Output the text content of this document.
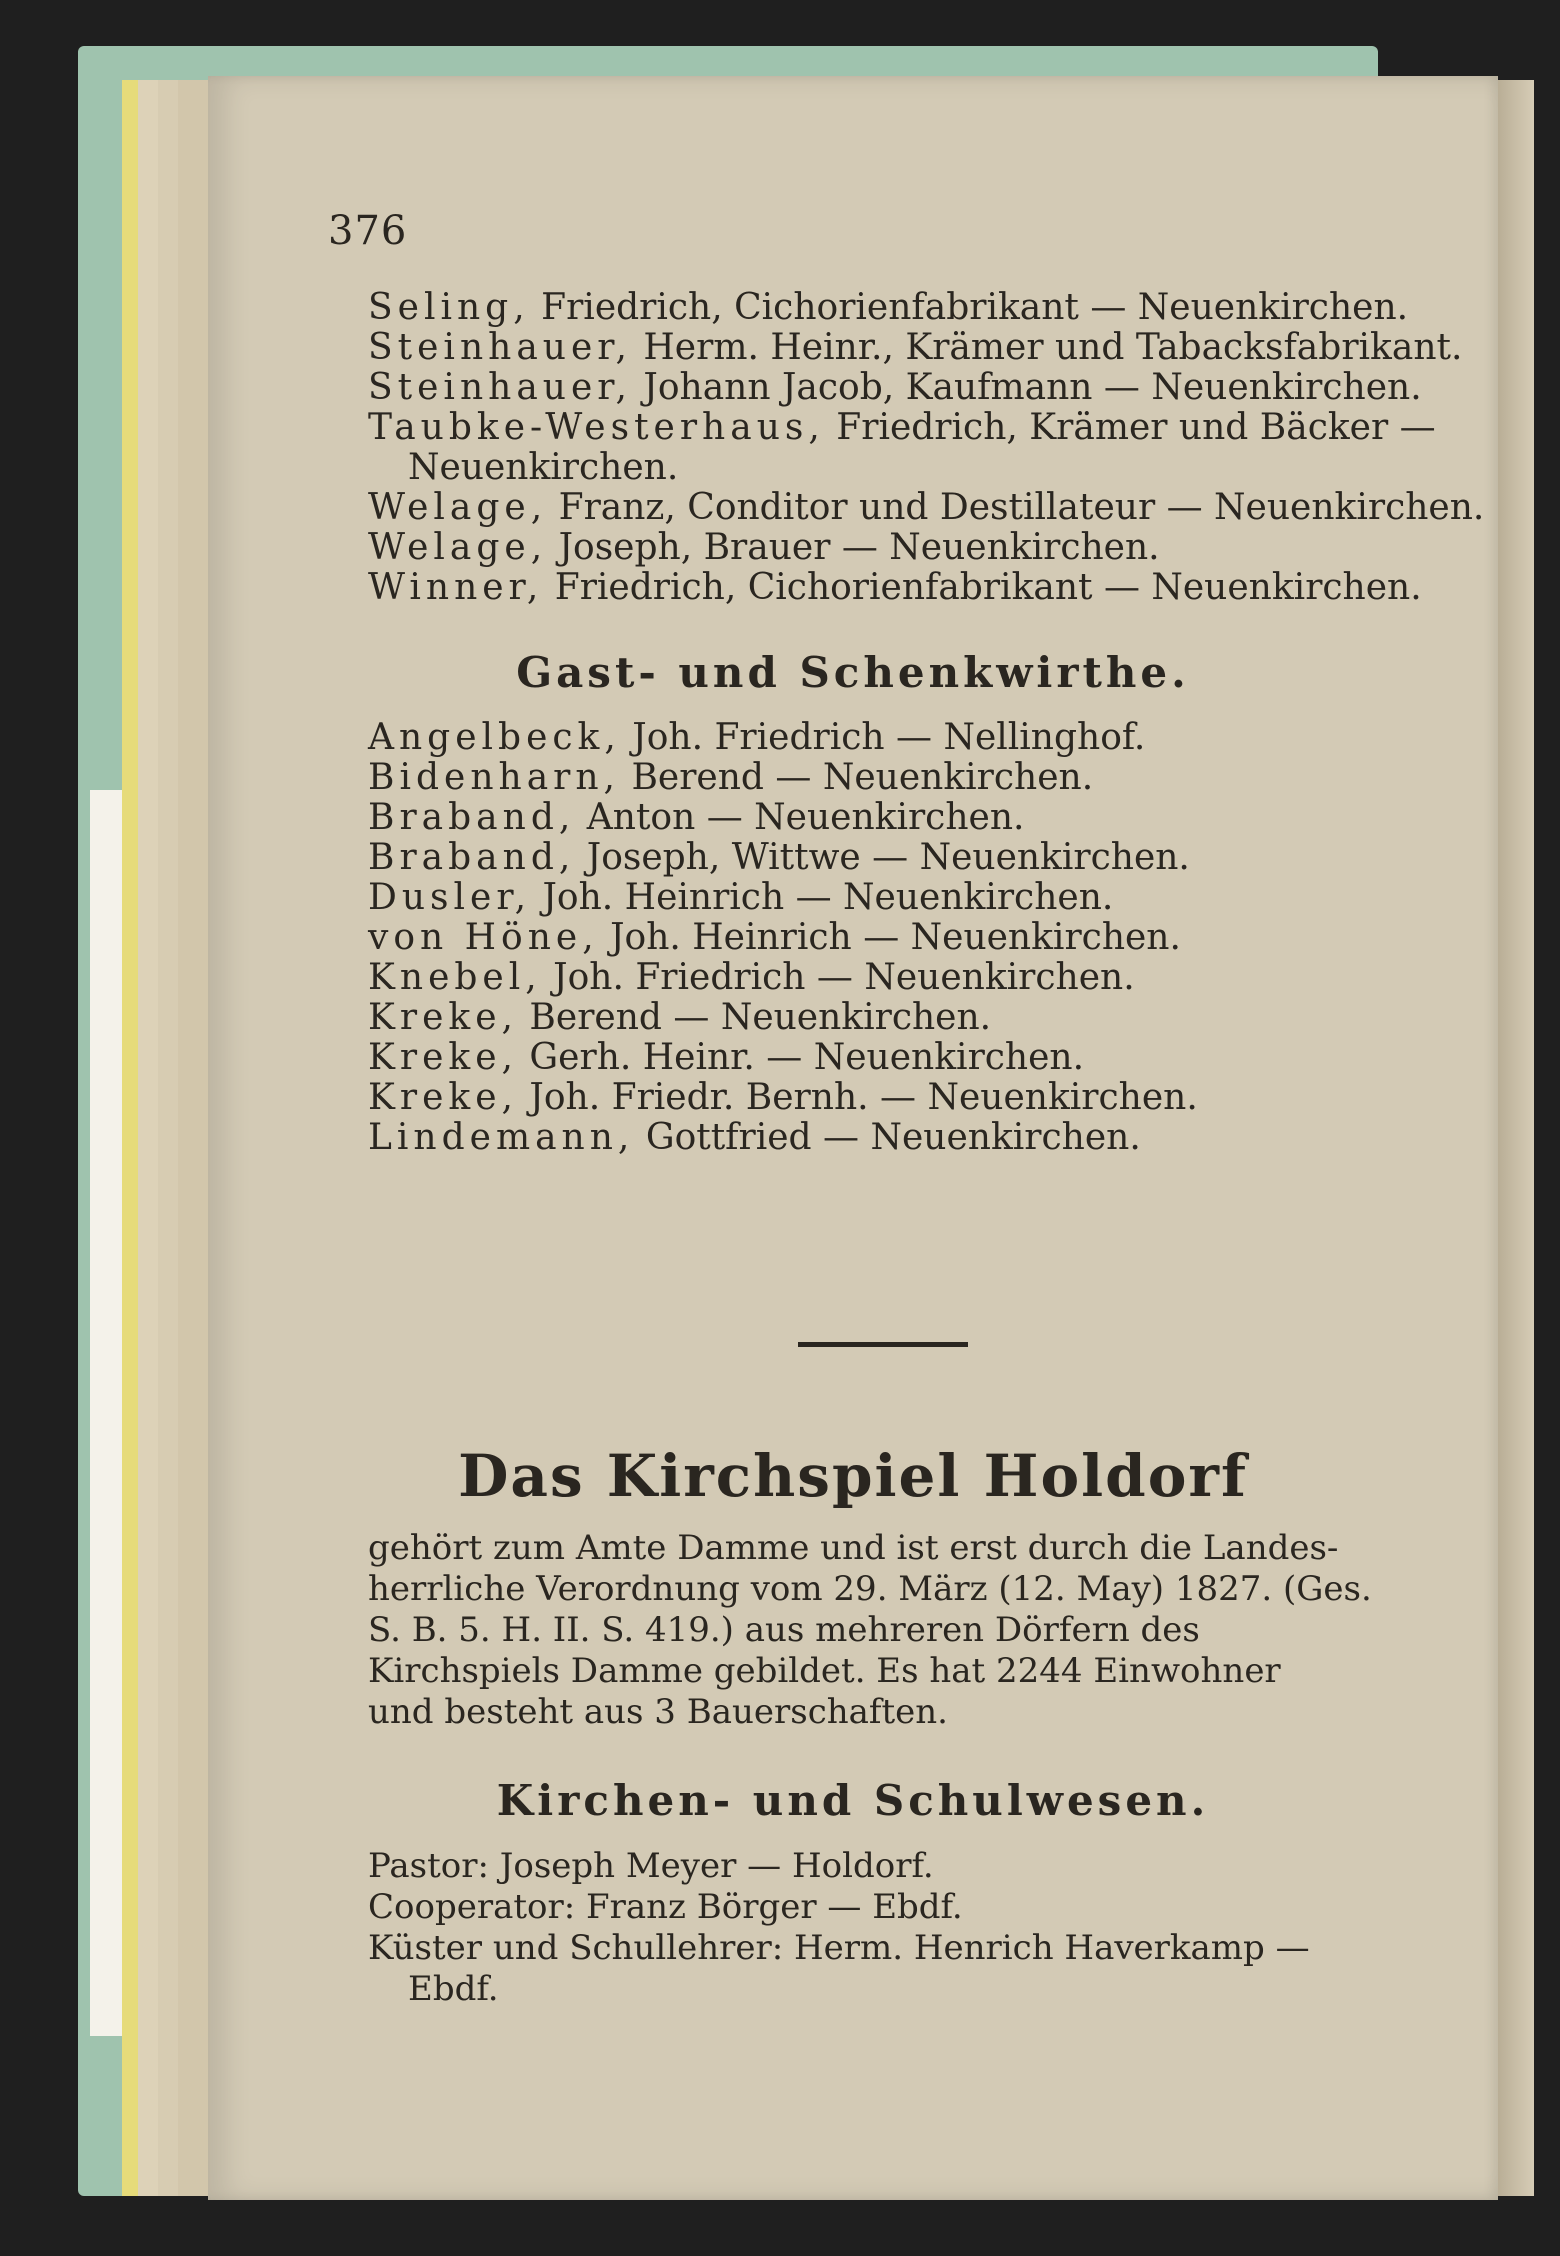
376
Seling, Friedrich, Cichorienfabrikant — Neuenkirchen.
Steinhauer, Herm. Heinr., Krämer und Tabacksfabrikant.
Steinhauer, Johann Jacob, Kaufmann — Neuenkirchen.
Taubke-Westerhaus, Friedrich, Krämer und Bäcker —
Neuenkirchen.
Welage, Franz, Conditor und Destillateur — Neuenkirchen.
Welage, Joseph, Brauer — Neuenkirchen.
Winner, Friedrich, Cichorienfabrikant — Neuenkirchen.
Gast- und Schenkwirthe.
Angelbeck, Joh. Friedrich — Nellinghof.
Bidenharn, Berend — Neuenkirchen.
Braband, Anton — Neuenkirchen.
Braband, Joseph, Wittwe — Neuenkirchen.
Dusler, Joh. Heinrich — Neuenkirchen.
von Höne, Joh. Heinrich — Neuenkirchen.
Knebel, Joh. Friedrich — Neuenkirchen.
Kreke, Berend — Neuenkirchen.
Kreke, Gerh. Heinr. — Neuenkirchen.
Kreke, Joh. Friedr. Bernh. — Neuenkirchen.
Lindemann, Gottfried — Neuenkirchen.
Das Kirchspiel Holdorf
gehört zum Amte Damme und ist erst durch die Landes-
herrliche Verordnung vom 29. März (12. May) 1827. (Ges.
S. B. 5. H. II. S. 419.) aus mehreren Dörfern des
Kirchspiels Damme gebildet. Es hat 2244 Einwohner
und besteht aus 3 Bauerschaften.
Kirchen- und Schulwesen.
Pastor: Joseph Meyer — Holdorf.
Cooperator: Franz Börger — Ebdf.
Küster und Schullehrer: Herm. Henrich Haverkamp —
Ebdf.
